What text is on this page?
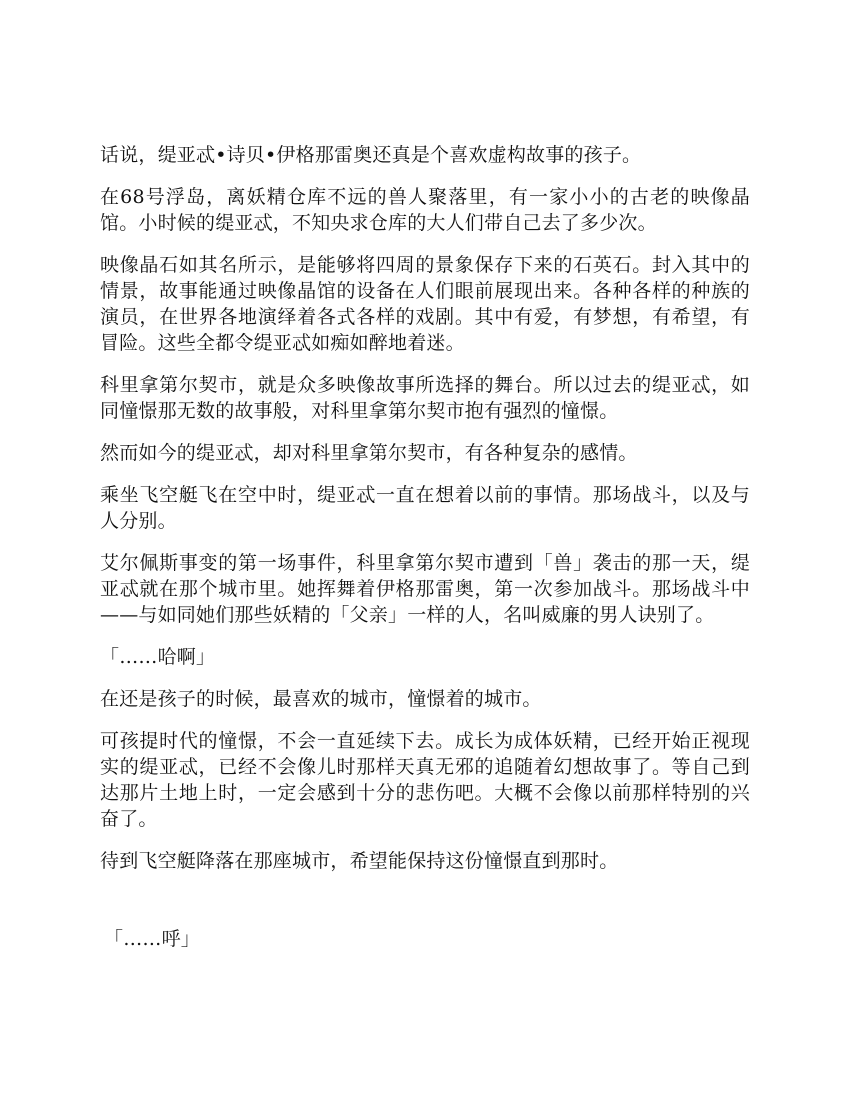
话说，缇亚忒•诗贝•伊格那雷奥还真是个喜欢虚构故事的孩子。

在68号浮岛，离妖精仓库不远的兽人聚落里，有一家小小的古老的映像晶馆。小时候的缇亚忒，不知央求仓库的大人们带自己去了多少次。

映像晶石如其名所示，是能够将四周的景象保存下来的石英石。封入其中的情景，故事能通过映像晶馆的设备在人们眼前展现出来。各种各样的种族的演员，在世界各地演绎着各式各样的戏剧。其中有爱，有梦想，有希望，有冒险。这些全都令缇亚忒如痴如醉地着迷。

科里拿第尔契市，就是众多映像故事所选择的舞台。所以过去的缇亚忒，如同憧憬那无数的故事般，对科里拿第尔契市抱有强烈的憧憬。

然而如今的缇亚忒，却对科里拿第尔契市，有各种复杂的感情。

乘坐飞空艇飞在空中时，缇亚忒一直在想着以前的事情。那场战斗，以及与人分别。

艾尔佩斯事变的第一场事件，科里拿第尔契市遭到「兽」袭击的那一天，缇亚忒就在那个城市里。她挥舞着伊格那雷奥，第一次参加战斗。那场战斗中——与如同她们那些妖精的「父亲」一样的人，名叫威廉的男人诀别了。

「……哈啊」

在还是孩子的时候，最喜欢的城市，憧憬着的城市。

可孩提时代的憧憬，不会一直延续下去。成长为成体妖精，已经开始正视现实的缇亚忒，已经不会像儿时那样天真无邪的追随着幻想故事了。等自己到达那片土地上时，一定会感到十分的悲伤吧。大概不会像以前那样特别的兴奋了。

待到飞空艇降落在那座城市，希望能保持这份憧憬直到那时。

「……呼」
